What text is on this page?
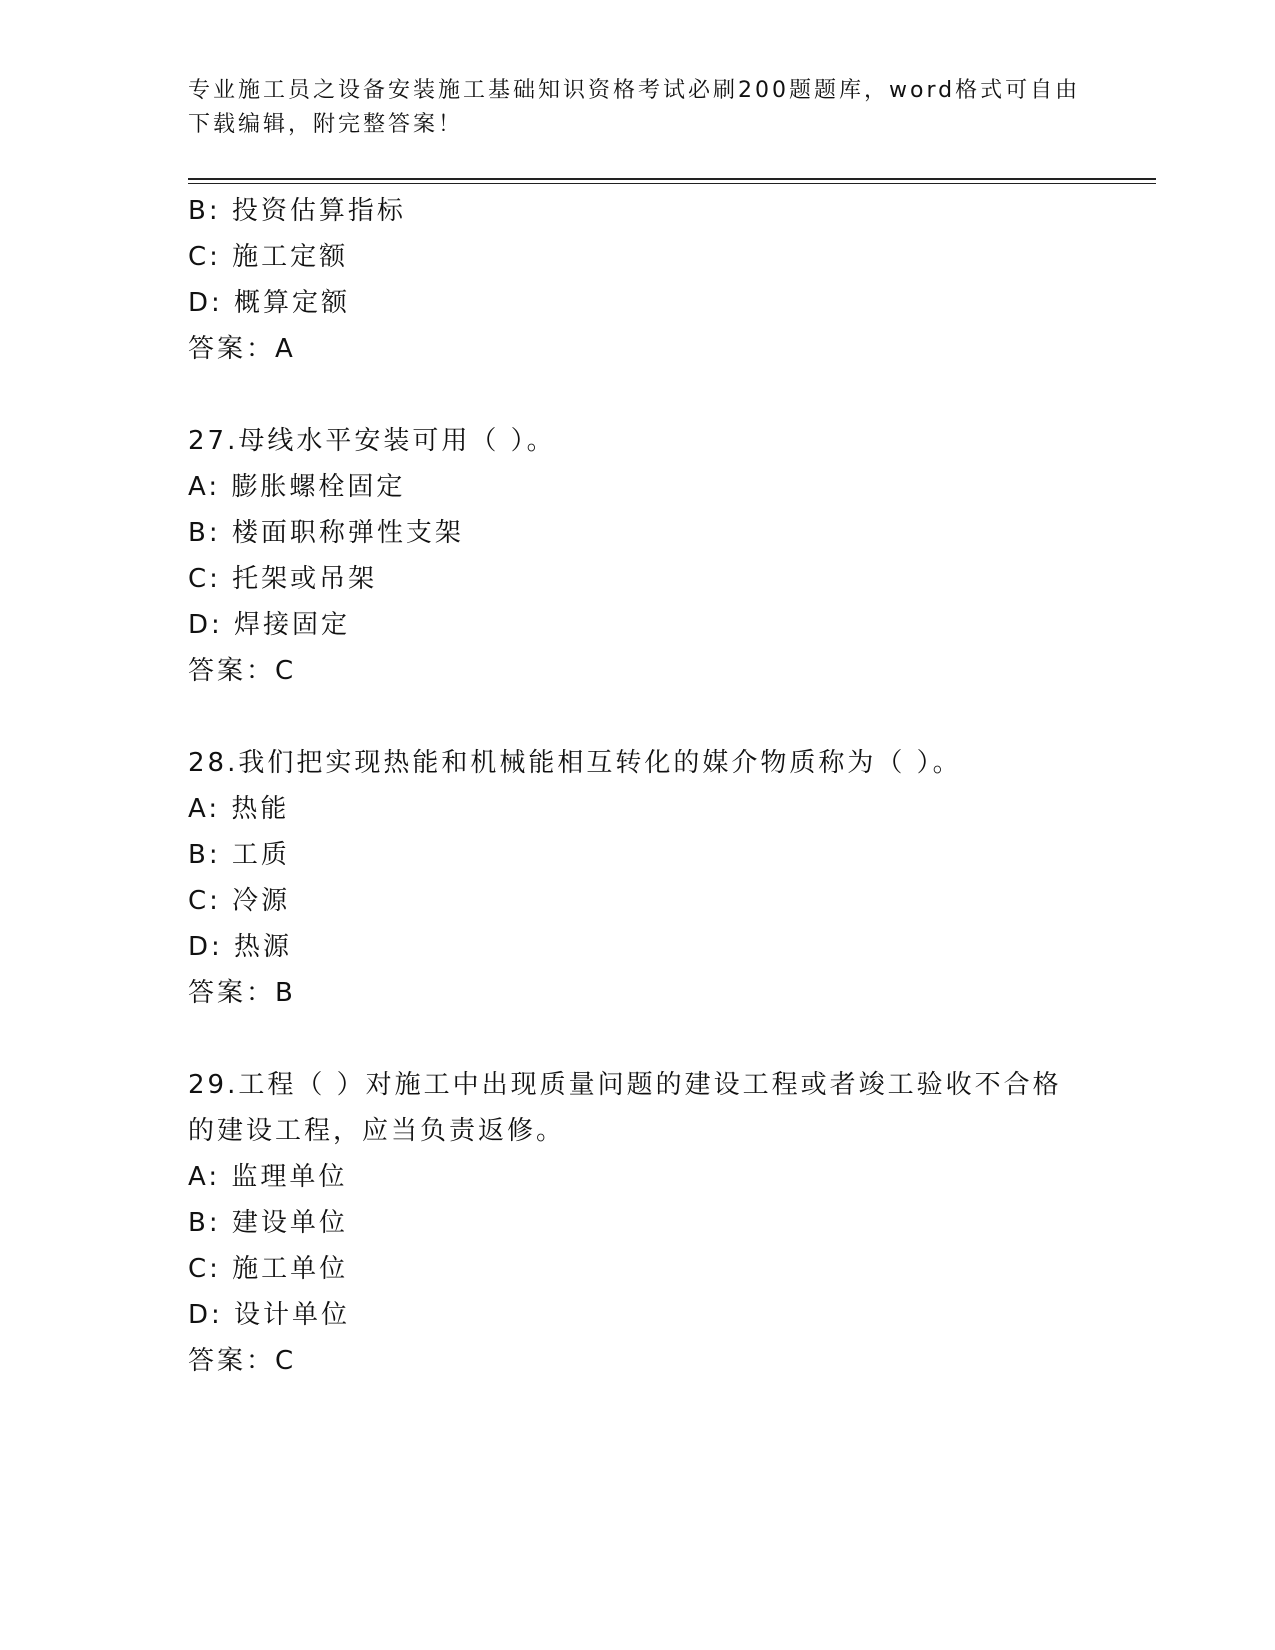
专业施工员之设备安装施工基础知识资格考试必刷200题题库，word格式可自由
下载编辑，附完整答案！
B: 投资估算指标
C: 施工定额
D: 概算定额
答案：A
27.母线水平安装可用（ ）。
A: 膨胀螺栓固定
B: 楼面职称弹性支架
C: 托架或吊架
D: 焊接固定
答案：C
28.我们把实现热能和机械能相互转化的媒介物质称为（ ）。
A: 热能
B: 工质
C: 冷源
D: 热源
答案：B
29.工程（ ）对施工中出现质量问题的建设工程或者竣工验收不合格
的建设工程，应当负责返修。
A: 监理单位
B: 建设单位
C: 施工单位
D: 设计单位
答案：C
